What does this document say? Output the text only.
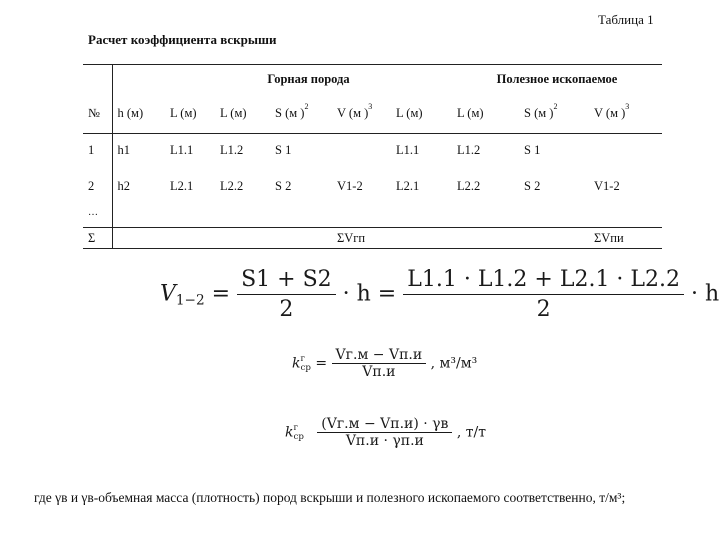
Таблица 1
Расчет коэффициента вскрыши
		Горная порода					Полезное ископаемое		
№	h (м)	L (м)	L (м)	S (м )$^2$	V (м )$^3$	L (м)	L (м)	S (м )$^2$	V (м )$^3$
1	h1	L1.1	L1.2	S 1		L1.1	L1.2	S 1	
2	h2	L2.1	L2.2	S 2	V1-2	L2.1	L2.2	S 2	V1-2

…									

Σ					ΣVгп				ΣVпи
$V_{1-2} = \frac{S1 + S2}{2} \cdot h = \frac{L1.1 \cdot L1.2 + L2.1 \cdot L2.2}{2} \cdot h$
k г
ср = $\frac{Vг.м - Vп.и}{Vп.и}$ , м³/м³
k г
ср
$\frac{(Vг.м - Vп.и) \cdot \gamma в}{Vп.и \cdot \gamma п.и}$ , т/т
где γв и γв-объемная масса (плотность) пород вскрыши и полезного ископаемого соответственно, т/м³;
